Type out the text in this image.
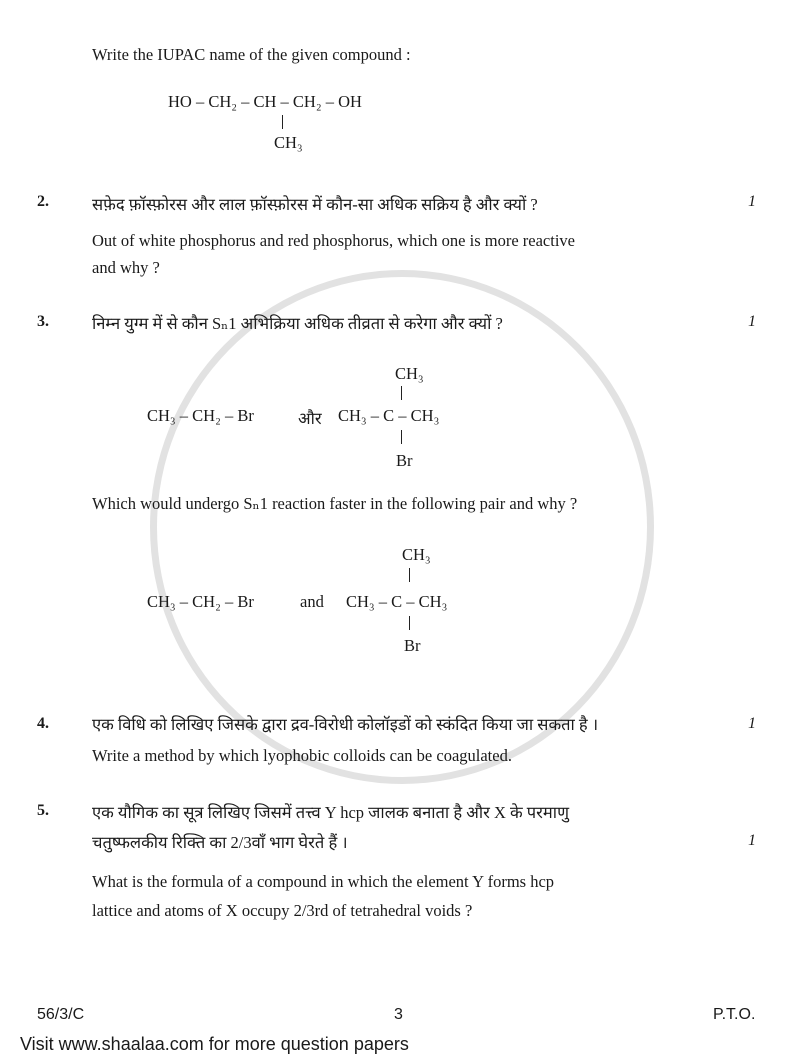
Write the IUPAC name of the given compound :
HO – CH₂ – CH – CH₂ – OH
CH₃
2.	सफ़ेद फ़ॉस्फ़ोरस और लाल फ़ॉस्फ़ोरस में कौन-सा अधिक सक्रिय है और क्यों ?	1
Out of white phosphorus and red phosphorus, which one is more reactive
and why ?
3.	निम्न युग्म में से कौन Sₙ1 अभिक्रिया अधिक तीव्रता से करेगा और क्यों ?	1
CH₃
CH₃ – CH₂ – Br	और CH₃ – C – CH₃
Br
Which would undergo Sₙ1 reaction faster in the following pair and why ?
CH₃
CH₃ – CH₂ – Br	and CH₃ – C – CH₃
Br
4.	एक विधि को लिखिए जिसके द्वारा द्रव-विरोधी कोलॉइडों को स्कंदित किया जा सकता है ।	1
Write a method by which lyophobic colloids can be coagulated.
5.	एक यौगिक का सूत्र लिखिए जिसमें तत्त्व Y hcp जालक बनाता है और X के परमाणु
चतुष्फलकीय रिक्ति का 2/3वाँ भाग घेरते हैं ।	1
What is the formula of a compound in which the element Y forms hcp
lattice and atoms of X occupy 2/3rd of tetrahedral voids ?
56/3/C	3	P.T.O.
Visit www.shaalaa.com for more question papers
